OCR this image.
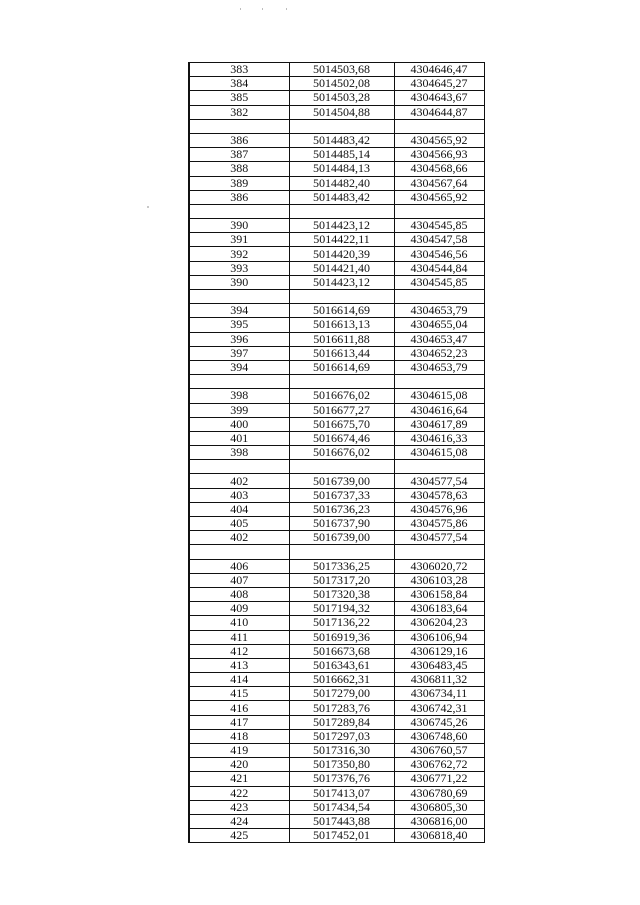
383	5014503,68	4304646,47
384	5014502,08	4304645,27
385	5014503,28	4304643,67
382	5014504,88	4304644,87

386	5014483,42	4304565,92
387	5014485,14	4304566,93
388	5014484,13	4304568,66
389	5014482,40	4304567,64
386	5014483,42	4304565,92

390	5014423,12	4304545,85
391	5014422,11	4304547,58
392	5014420,39	4304546,56
393	5014421,40	4304544,84
390	5014423,12	4304545,85

394	5016614,69	4304653,79
395	5016613,13	4304655,04
396	5016611,88	4304653,47
397	5016613,44	4304652,23
394	5016614,69	4304653,79

398	5016676,02	4304615,08
399	5016677,27	4304616,64
400	5016675,70	4304617,89
401	5016674,46	4304616,33
398	5016676,02	4304615,08

402	5016739,00	4304577,54
403	5016737,33	4304578,63
404	5016736,23	4304576,96
405	5016737,90	4304575,86
402	5016739,00	4304577,54

406	5017336,25	4306020,72
407	5017317,20	4306103,28
408	5017320,38	4306158,84
409	5017194,32	4306183,64
410	5017136,22	4306204,23
411	5016919,36	4306106,94
412	5016673,68	4306129,16
413	5016343,61	4306483,45
414	5016662,31	4306811,32
415	5017279,00	4306734,11
416	5017283,76	4306742,31
417	5017289,84	4306745,26
418	5017297,03	4306748,60
419	5017316,30	4306760,57
420	5017350,80	4306762,72
421	5017376,76	4306771,22
422	5017413,07	4306780,69
423	5017434,54	4306805,30
424	5017443,88	4306816,00
425	5017452,01	4306818,40
